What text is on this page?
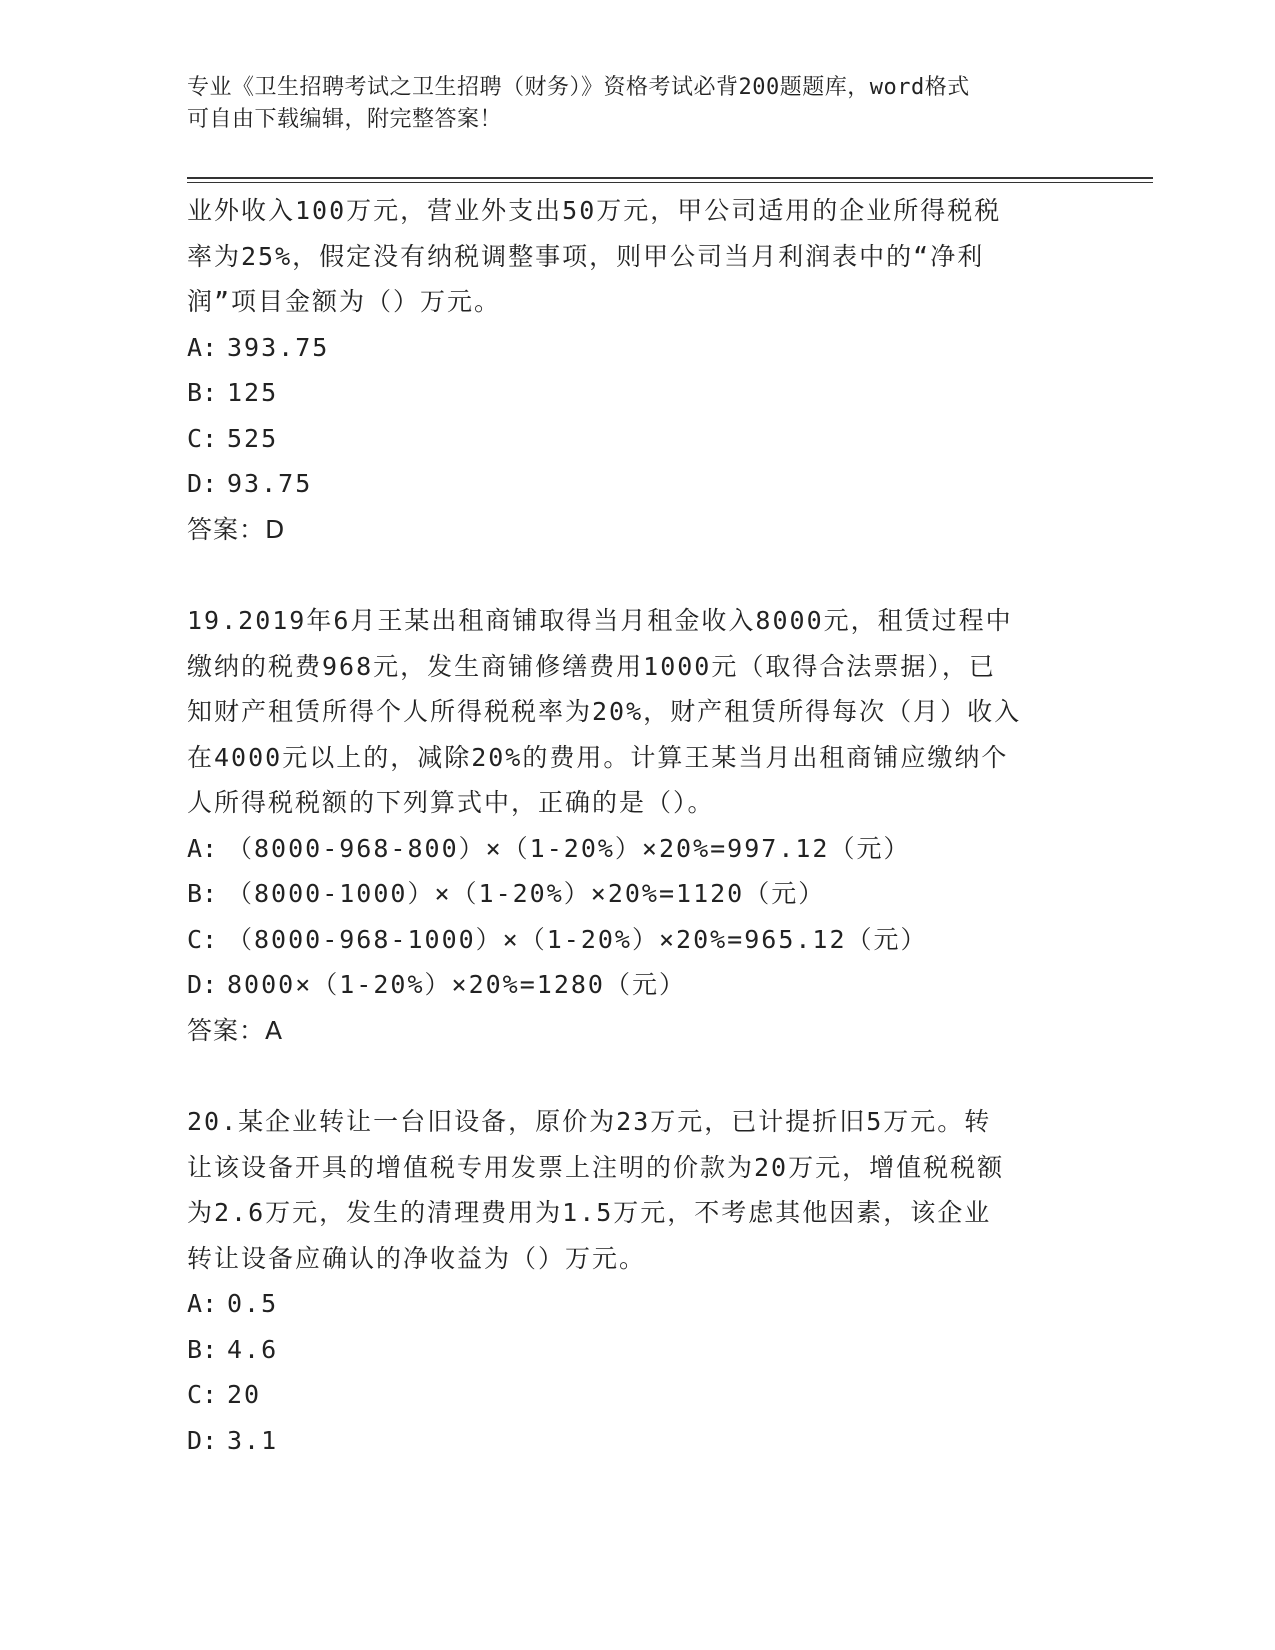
专业《卫生招聘考试之卫生招聘（财务）》资格考试必背200题题库，word格式
可自由下载编辑，附完整答案！
业外收入100万元，营业外支出50万元，甲公司适用的企业所得税税
率为25%，假定没有纳税调整事项，则甲公司当月利润表中的“净利
润”项目金额为（）万元。
A: 393.75
B: 125
C: 525
D: 93.75
答案：D
19.2019年6月王某出租商铺取得当月租金收入8000元，租赁过程中
缴纳的税费968元，发生商铺修缮费用1000元（取得合法票据），已
知财产租赁所得个人所得税税率为20%，财产租赁所得每次（月）收入
在4000元以上的，减除20%的费用。计算王某当月出租商铺应缴纳个
人所得税税额的下列算式中，正确的是（）。
A: （8000-968-800）×（1-20%）×20%=997.12（元）
B: （8000-1000）×（1-20%）×20%=1120（元）
C: （8000-968-1000）×（1-20%）×20%=965.12（元）
D: 8000×（1-20%）×20%=1280（元）
答案：A
20.某企业转让一台旧设备，原价为23万元，已计提折旧5万元。转
让该设备开具的增值税专用发票上注明的价款为20万元，增值税税额
为2.6万元，发生的清理费用为1.5万元，不考虑其他因素，该企业
转让设备应确认的净收益为（）万元。
A: 0.5
B: 4.6
C: 20
D: 3.1
